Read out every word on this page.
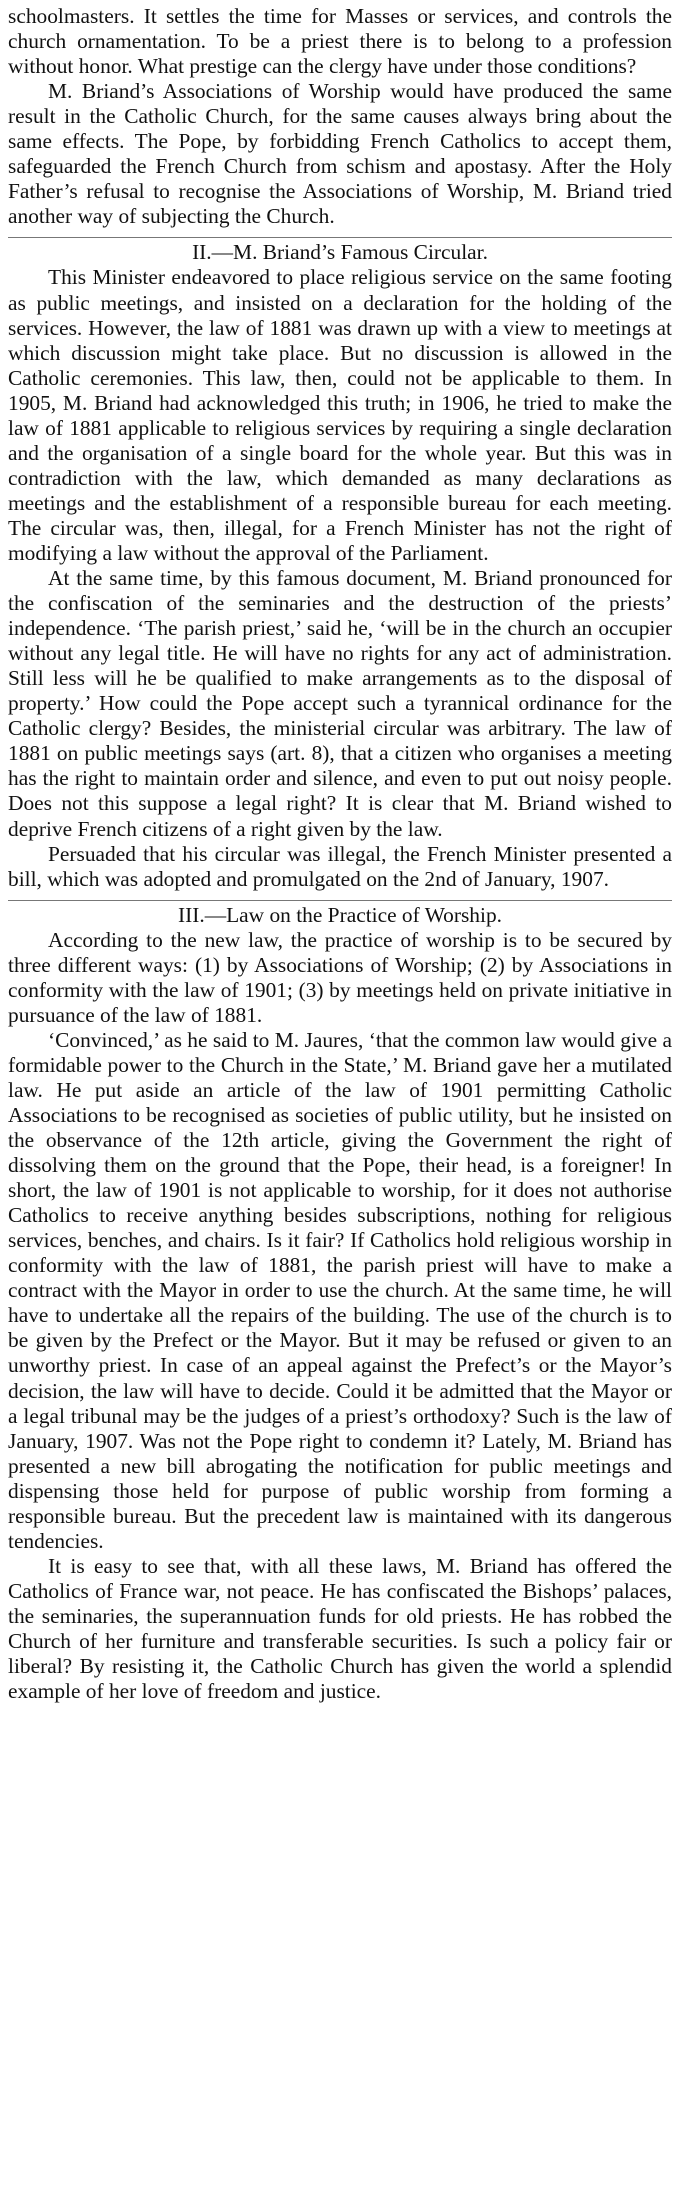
schoolmasters. It settles the time for Masses or services, and controls the church ornamentation. To be a priest there is to belong to a profession without honor. What prestige can the clergy have under those conditions?

M. Briand’s Associations of Worship would have produced the same result in the Catholic Church, for the same causes always bring about the same effects. The Pope, by forbidding French Catholics to accept them, safeguarded the French Church from schism and apostasy. After the Holy Father’s refusal to recognise the Associations of Worship, M. Briand tried another way of subjecting the Church.

II.—M. Briand’s Famous Circular.

This Minister endeavored to place religious service on the same footing as public meetings, and insisted on a declaration for the holding of the services. However, the law of 1881 was drawn up with a view to meetings at which discussion might take place. But no discussion is allowed in the Catholic ceremonies. This law, then, could not be applicable to them. In 1905, M. Briand had acknowledged this truth; in 1906, he tried to make the law of 1881 applicable to religious services by requiring a single declaration and the organisation of a single board for the whole year. But this was in contradiction with the law, which demanded as many declarations as meetings and the establishment of a responsible bureau for each meeting. The circular was, then, illegal, for a French Minister has not the right of modifying a law without the approval of the Parliament.

At the same time, by this famous document, M. Briand pronounced for the confiscation of the seminaries and the destruction of the priests’ independence. ‘The parish priest,’ said he, ‘will be in the church an occupier without any legal title. He will have no rights for any act of administration. Still less will he be qualified to make arrangements as to the disposal of property.’ How could the Pope accept such a tyrannical ordinance for the Catholic clergy? Besides, the ministerial circular was arbitrary. The law of 1881 on public meetings says (art. 8), that a citizen who organises a meeting has the right to maintain order and silence, and even to put out noisy people. Does not this suppose a legal right? It is clear that M. Briand wished to deprive French citizens of a right given by the law.

Persuaded that his circular was illegal, the French Minister presented a bill, which was adopted and promulgated on the 2nd of January, 1907.

III.—Law on the Practice of Worship.

According to the new law, the practice of worship is to be secured by three different ways: (1) by Associations of Worship; (2) by Associations in conformity with the law of 1901; (3) by meetings held on private initiative in pursuance of the law of 1881.

‘Convinced,’ as he said to M. Jaures, ‘that the common law would give a formidable power to the Church in the State,’ M. Briand gave her a mutilated law. He put aside an article of the law of 1901 permitting Catholic Associations to be recognised as societies of public utility, but he insisted on the observance of the 12th article, giving the Government the right of dissolving them on the ground that the Pope, their head, is a foreigner! In short, the law of 1901 is not applicable to worship, for it does not authorise Catholics to receive anything besides subscriptions, nothing for religious services, benches, and chairs. Is it fair? If Catholics hold religious worship in conformity with the law of 1881, the parish priest will have to make a contract with the Mayor in order to use the church. At the same time, he will have to undertake all the repairs of the building. The use of the church is to be given by the Prefect or the Mayor. But it may be refused or given to an unworthy priest. In case of an appeal against the Prefect’s or the Mayor’s decision, the law will have to decide. Could it be admitted that the Mayor or a legal tribunal may be the judges of a priest’s orthodoxy? Such is the law of January, 1907. Was not the Pope right to condemn it? Lately, M. Briand has presented a new bill abrogating the notification for public meetings and dispensing those held for purpose of public worship from forming a responsible bureau. But the precedent law is maintained with its dangerous tendencies.

It is easy to see that, with all these laws, M. Briand has offered the Catholics of France war, not peace. He has confiscated the Bishops’ palaces, the seminaries, the superannuation funds for old priests. He has robbed the Church of her furniture and transferable securities. Is such a policy fair or liberal? By resisting it, the Catholic Church has given the world a splendid example of her love of freedom and justice.
